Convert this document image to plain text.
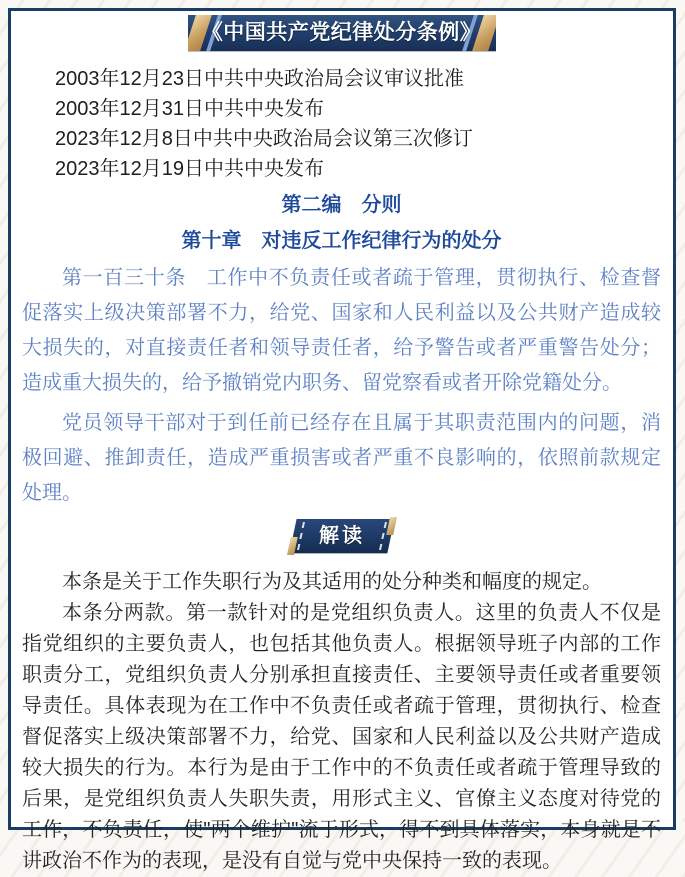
《中国共产党纪律处分条例》

2003年12月23日中共中央政治局会议审议批准

2003年12月31日中共中央发布

2023年12月8日中共中央政治局会议第三次修订

2023年12月19日中共中央发布

第二编　分则
第十章　对违反工作纪律行为的处分

第一百三十条　工作中不负责任或者疏于管理，贯彻执行、检查督促落实上级决策部署不力，给党、国家和人民利益以及公共财产造成较大损失的，对直接责任者和领导责任者，给予警告或者严重警告处分；造成重大损失的，给予撤销党内职务、留党察看或者开除党籍处分。

党员领导干部对于到任前已经存在且属于其职责范围内的问题，消极回避、推卸责任，造成严重损害或者严重不良影响的，依照前款规定处理。

解读

本条是关于工作失职行为及其适用的处分种类和幅度的规定。

本条分两款。第一款针对的是党组织负责人。这里的负责人不仅是指党组织的主要负责人，也包括其他负责人。根据领导班子内部的工作职责分工，党组织负责人分别承担直接责任、主要领导责任或者重要领导责任。具体表现为在工作中不负责任或者疏于管理，贯彻执行、检查督促落实上级决策部署不力，给党、国家和人民利益以及公共财产造成较大损失的行为。本行为是由于工作中的不负责任或者疏于管理导致的后果，是党组织负责人失职失责，用形式主义、官僚主义态度对待党的工作，不负责任，使"两个维护"流于形式，得不到具体落实，本身就是不讲政治不作为的表现，是没有自觉与党中央保持一致的表现。
